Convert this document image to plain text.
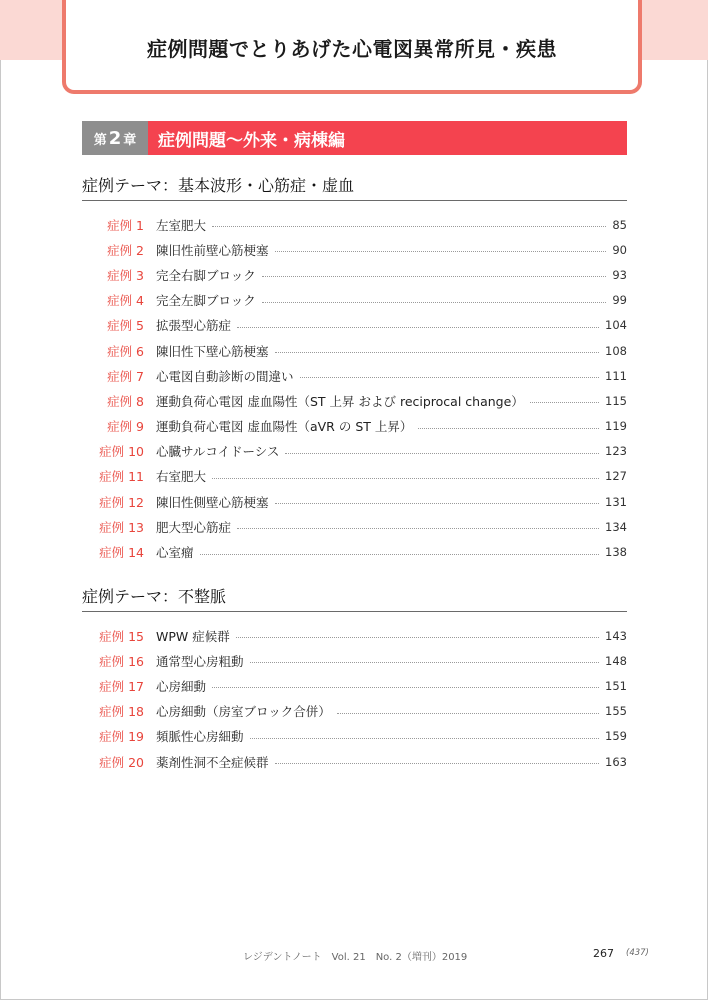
症例問題でとりあげた心電図異常所見・疾患
第 2 章	症例問題〜外来・病棟編
症例テーマ：基本波形・心筋症・虚血
症例 1 左室肥大	85
症例 2 陳旧性前壁心筋梗塞	90
症例 3 完全右脚ブロック	93
症例 4 完全左脚ブロック	99
症例 5 拡張型心筋症	104
症例 6 陳旧性下壁心筋梗塞	108
症例 7 心電図自動診断の間違い	111
症例 8 運動負荷心電図 虚血陽性（ST 上昇 および reciprocal change）	115
症例 9 運動負荷心電図 虚血陽性（aVR の ST 上昇）	119
症例 10 心臓サルコイドーシス	123
症例 11 右室肥大	127
症例 12 陳旧性側壁心筋梗塞	131
症例 13 肥大型心筋症	134
症例 14 心室瘤	138
症例テーマ：不整脈
症例 15 WPW 症候群	143
症例 16 通常型心房粗動	148
症例 17 心房細動	151
症例 18 心房細動（房室ブロック合併）	155
症例 19 頻脈性心房細動	159
症例 20 薬剤性洞不全症候群	163
レジデントノート　Vol. 21　No. 2（増刊）2019	267 (437)
